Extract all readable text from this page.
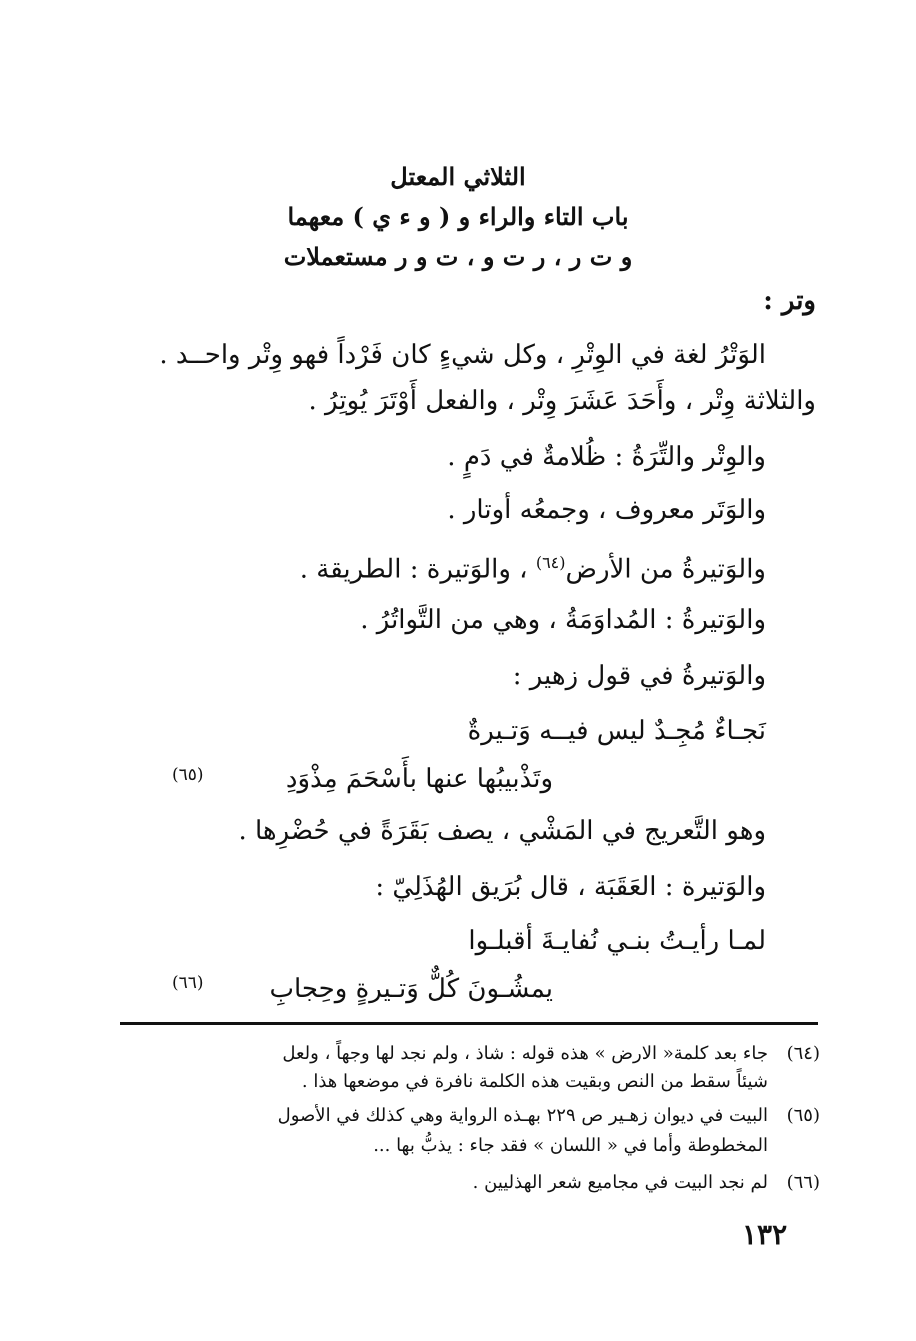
الثلاثي المعتل
باب التاء والراء و ( و ء ي ) معهما
و ت ر ، ر ت و ، ت و ر مستعملات
وتر :
الوَتْرُ لغة في الوِتْرِ ، وكل شيءٍ كان فَرْداً فهو وِتْر واحــد .
والثلاثة وِتْر ، وأَحَدَ عَشَرَ وِتْر ، والفعل أَوْتَرَ يُوتِرُ .
والوِتْر والتِّرَةُ : ظُلامةٌ في دَمٍ .
والوَتَر معروف ، وجمعُه أوتار .
والوَتيرةُ من الأرض$^{(٦٤)}$ ، والوَتيرة : الطريقة .
والوَتيرةُ : المُداوَمَةُ ، وهي من التَّواتُرُ .
والوَتيرةُ في قول زهير :
نَجـاءٌ مُجِـدٌ ليس فيــه وَتـيرةٌ
وتَذْبيبُها عنها بأَسْحَمَ مِذْوَدِ
(٦٥)
وهو التَّعريج في المَشْي ، يصف بَقَرَةً في حُضْرِها .
والوَتيرة : العَقَبَة ، قال بُرَيق الهُذَلِيّ :
لمـا رأيـتُ بنـي نُفايـةَ أقبلـوا
يمشُـونَ كُلٌّ وَتـيرةٍ وحِجابِ
(٦٦)
(٦٤)
جاء بعد كلمة« الارض » هذه قوله : شاذ ، ولم نجد لها وجهاً ، ولعل
شيئاً سقط من النص وبقيت هذه الكلمة نافرة في موضعها هذا .
(٦٥)
البيت في ديوان زهـير ص ٢٢٩ بهـذه الرواية وهي كذلك في الأصول
المخطوطة وأما في « اللسان » فقد جاء : يذبُّ بها ...
(٦٦)
لم نجد البيت في مجاميع شعر الهذليين .
١٣٢
